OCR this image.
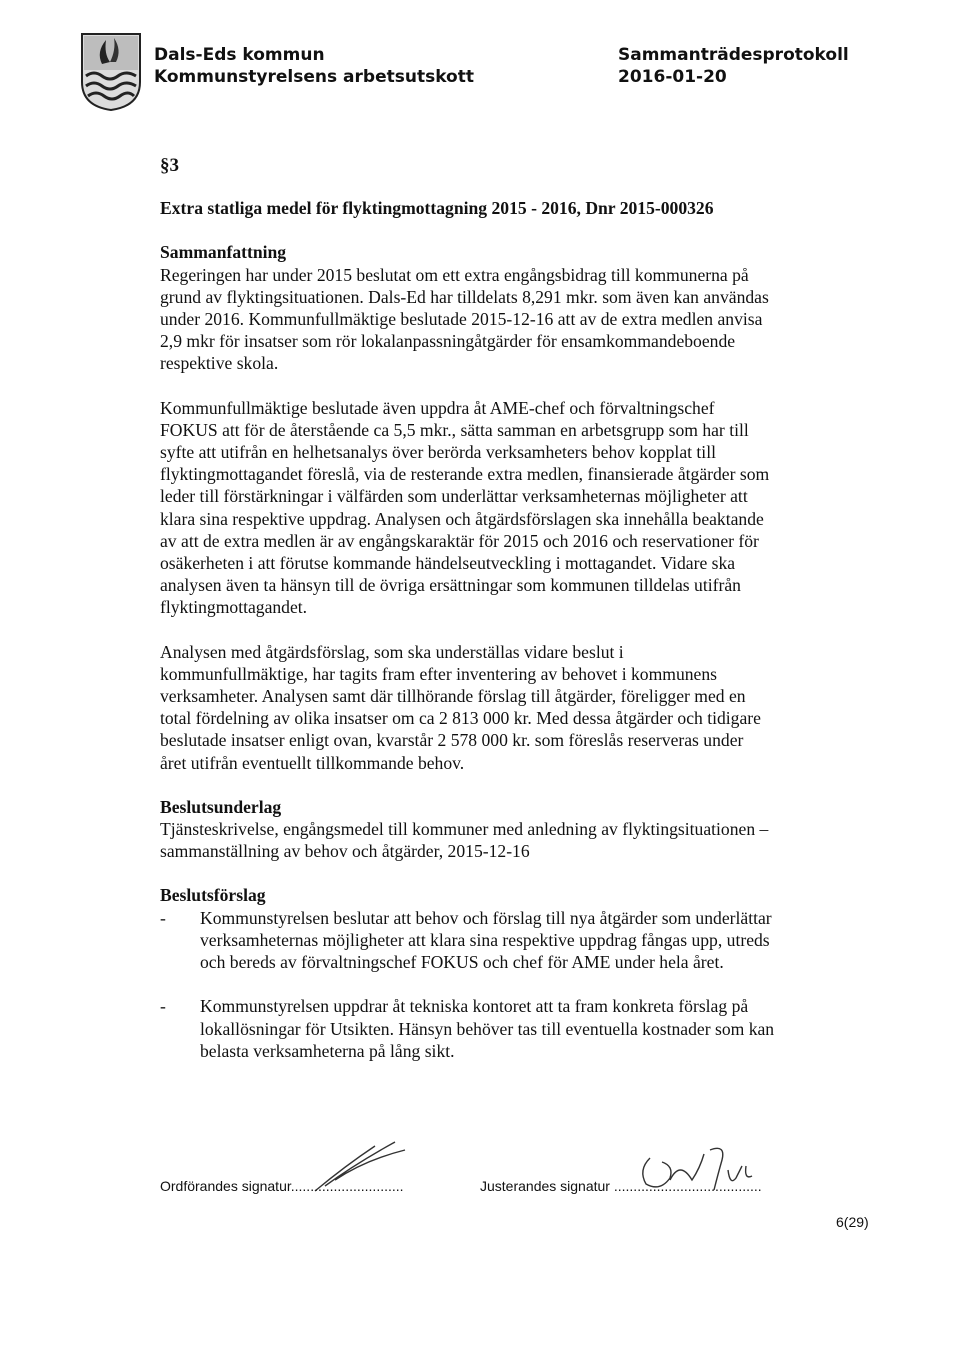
Dals-Eds kommun
Kommunstyrelsens arbetsutskott
Sammanträdesprotokoll
2016-01-20
§3
Extra statliga medel för flyktingmottagning 2015 - 2016, Dnr 2015-000326
Sammanfattning

Regeringen har under 2015 beslutat om ett extra engångsbidrag till kommunerna på

grund av flyktingsituationen. Dals-Ed har tilldelats 8,291 mkr. som även kan användas

under 2016. Kommunfullmäktige beslutade 2015-12-16 att av de extra medlen anvisa

2,9 mkr för insatser som rör lokalanpassningåtgärder för ensamkommandeboende

respektive skola.

Kommunfullmäktige beslutade även uppdra åt AME-chef och förvaltningschef

FOKUS att för de återstående ca 5,5 mkr., sätta samman en arbetsgrupp som har till

syfte att utifrån en helhetsanalys över berörda verksamheters behov kopplat till

flyktingmottagandet föreslå, via de resterande extra medlen, finansierade åtgärder som

leder till förstärkningar i välfärden som underlättar verksamheternas möjligheter att

klara sina respektive uppdrag. Analysen och åtgärdsförslagen ska innehålla beaktande

av att de extra medlen är av engångskaraktär för 2015 och 2016 och reservationer för

osäkerheten i att förutse kommande händelseutveckling i mottagandet. Vidare ska

analysen även ta hänsyn till de övriga ersättningar som kommunen tilldelas utifrån

flyktingmottagandet.

Analysen med åtgärdsförslag, som ska underställas vidare beslut i

kommunfullmäktige, har tagits fram efter inventering av behovet i kommunens

verksamheter. Analysen samt där tillhörande förslag till åtgärder, föreligger med en

total fördelning av olika insatser om ca 2 813 000 kr. Med dessa åtgärder och tidigare

beslutade insatser enligt ovan, kvarstår 2 578 000 kr. som föreslås reserveras under

året utifrån eventuellt tillkommande behov.

Beslutsunderlag

Tjänsteskrivelse, engångsmedel till kommuner med anledning av flyktingsituationen –

sammanställning av behov och åtgärder, 2015-12-16

Beslutsförslag
-	Kommunstyrelsen beslutar att behov och förslag till nya åtgärder som underlättar

verksamheternas möjligheter att klara sina respektive uppdrag fångas upp, utreds

och bereds av förvaltningschef FOKUS och chef för AME under hela året.

-	Kommunstyrelsen uppdrar åt tekniska kontoret att ta fram konkreta förslag på

lokallösningar för Utsikten. Hänsyn behöver tas till eventuella kostnader som kan

belasta verksamheterna på lång sikt.

Ordförandes signatur.............................	Justerandes signatur ......................................
6(29)
